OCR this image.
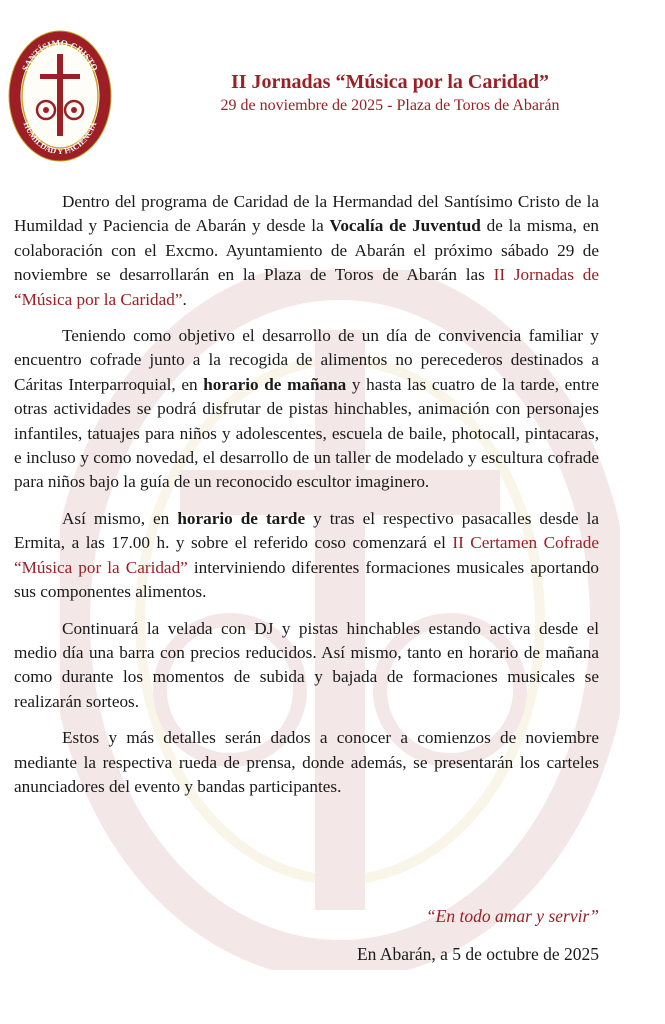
SANTÍSIMO CRISTO
HUMILDAD Y PACIENCIA
II Jornadas “Música por la Caridad”

29 de noviembre de 2025 - Plaza de Toros de Abarán

Dentro del programa de Caridad de la Hermandad del Santísimo Cristo de la Humildad y Paciencia de Abarán y desde la Vocalía de Juventud de la misma, en colaboración con el Excmo. Ayuntamiento de Abarán el próximo sábado 29 de noviembre se desarrollarán en la Plaza de Toros de Abarán las II Jornadas de “Música por la Caridad”.

Teniendo como objetivo el desarrollo de un día de convivencia familiar y encuentro cofrade junto a la recogida de alimentos no perecederos destinados a Cáritas Interparroquial, en horario de mañana y hasta las cuatro de la tarde, entre otras actividades se podrá disfrutar de pistas hinchables, animación con personajes infantiles, tatuajes para niños y adolescentes, escuela de baile, photocall, pintacaras, e incluso y como novedad, el desarrollo de un taller de modelado y escultura cofrade para niños bajo la guía de un reconocido escultor imaginero.

Así mismo, en horario de tarde y tras el respectivo pasacalles desde la Ermita, a las 17.00 h. y sobre el referido coso comenzará el II Certamen Cofrade “Música por la Caridad” interviniendo diferentes formaciones musicales aportando sus componentes alimentos.

Continuará la velada con DJ y pistas hinchables estando activa desde el medio día una barra con precios reducidos. Así mismo, tanto en horario de mañana como durante los momentos de subida y bajada de formaciones musicales se realizarán sorteos.

Estos y más detalles serán dados a conocer a comienzos de noviembre mediante la respectiva rueda de prensa, donde además, se presentarán los carteles anunciadores del evento y bandas participantes.

“En todo amar y servir”
En Abarán, a 5 de octubre de 2025
